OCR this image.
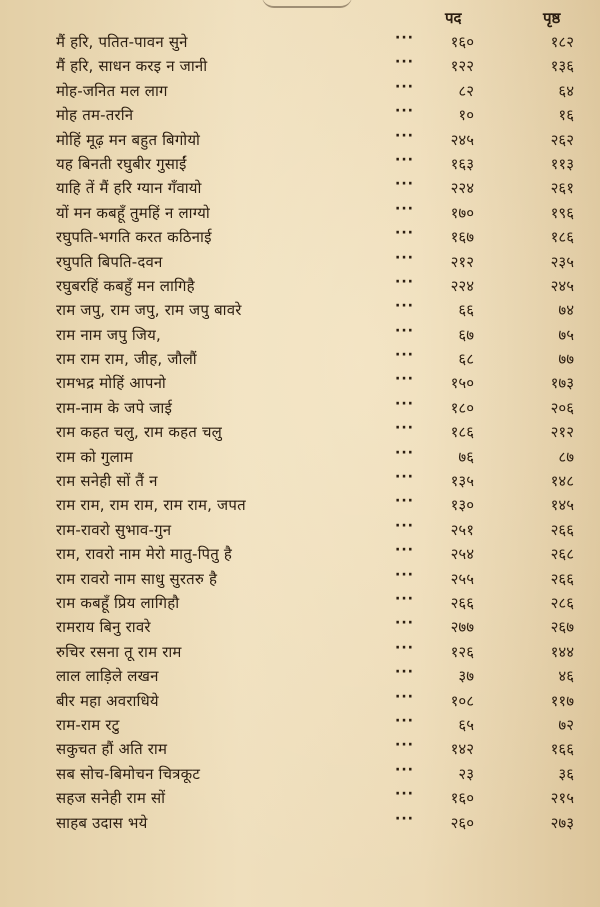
पद	पृष्ठ
मैं हरि, पतित-पावन सुने	··· १६०	१८२
मैं हरि, साधन करइ न जानी	··· १२२	१३६
मोह-जनित मल लाग	···	८२	६४
मोह तम-तरनि	···	१०	१६
मोहिं मूढ़ मन बहुत बिगोयो	··· २४५	२६२
यह बिनती रघुबीर गुसाईं	··· १६३	११३
याहि तें मैं हरि ग्यान गँवायो	··· २२४	२६१
यों मन कबहूँ तुमहिं न लाग्यो	··· १७०	१९६
रघुपति-भगति करत कठिनाई	··· १६७	१८६
रघुपति बिपति-दवन	··· २१२	२३५
रघुबरहिं कबहुँ मन लागिहै	··· २२४	२४५
राम जपु, राम जपु, राम जपु बावरे	···	६६	७४
राम नाम जपु जिय,	···	६७	७५
राम राम राम, जीह, जौलौं	···	६८	७७
रामभद्र मोहिं आपनो	··· १५०	१७३
राम-नाम के जपे जाई	··· १८०	२०६
राम कहत चलु, राम कहत चलु	··· १८६	२१२
राम को गुलाम	···	७६	८७
राम सनेही सों तैं न	··· १३५	१४८
राम राम, राम राम, राम राम, जपत	··· १३०	१४५
राम-रावरो सुभाव-गुन	··· २५१	२६६
राम, रावरो नाम मेरो मातु-पितु है	··· २५४	२६८
राम रावरो नाम साधु सुरतरु है	··· २५५	२६६
राम कबहूँ प्रिय लागिहौ	··· २६६	२८६
रामराय बिनु रावरे	··· २७७	२६७
रुचिर रसना तू राम राम	··· १२६	१४४
लाल लाड़िले लखन	···	३७	४६
बीर महा अवराधिये	··· १०८	११७
राम-राम रटु	···	६५	७२
सकुचत हौं अति राम	··· १४२	१६६
सब सोच-बिमोचन चित्रकूट	···	२३	३६
सहज सनेही राम सों	··· १६०	२१५
साहब उदास भये	··· २६०	२७३
